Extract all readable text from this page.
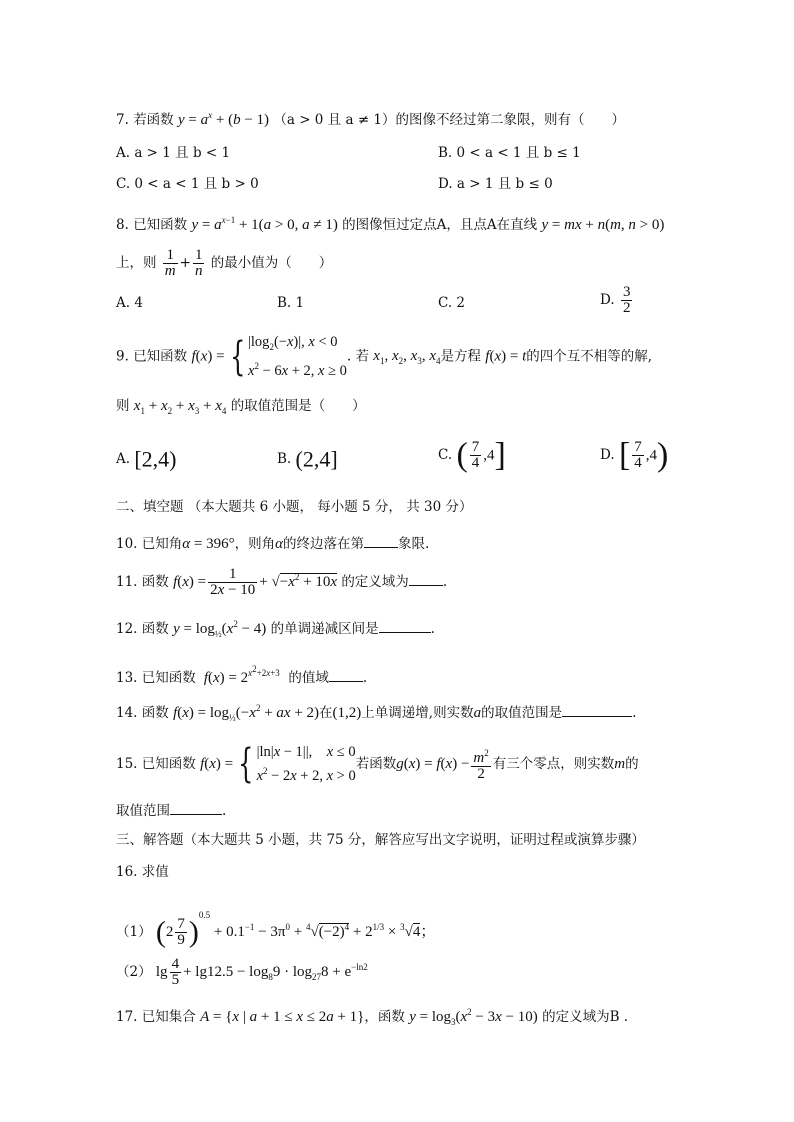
7. 若函数 $y = a^x + (b - 1) (a > 0$ 且 a ≠ 1）的图像不经过第二象限，则有（　　）
A. a > 1 且 b < 1	B. 0 < a < 1 且 b ≤ 1
C. 0 < a < 1 且 b > 0	D. a > 1 且 b ≤ 0
8. 已知函数 $y = a^{x-1} + 1(a > 0$, a ≠ 1) 的图像恒过定点A，且点A在直线 y = mx + n(m, n > 0)
上，则 $\frac{1}{m} + \frac{1}{n}$ 的最小值为（　　）
A. 4	B. 1	C. 2	D. $\frac{3}{2}$
9. 已知函数 f(x) = { $|\log_2(-x)|$, x < 0
$x^2 - 6x + 2$, x ≥ 0
. 若 $x_1$, $x_2$, $x_3$, $x_4$是方程 f(x) = t的四个互不相等的解,
则 $x_1 + x_2 + x_3 + x_4$ 的取值范围是（　　）
A. [2,4)	B. (2,4]	C. ( $\frac{7}{4} ,4$]	D. [ $\frac{7}{4} ,4$)
二、填空题 （本大题共 6 小题， 每小题 5 分， 共 30 分）
10. 已知角α = 396°，则角α的终边落在第	象限.
11. 函数 $f(x) = \frac{1}{2x - 10} + √-x^2 + 10x$ 的定义域为	.
12. 函数 $y = \log_{\frac{1}{2}}(x^2 - 4)$ 的单调递减区间是	.
13. 已知函数 $f(x) = 2^{x^2+2x+3}$ 的值域	.
14. 函数 $f(x) = \log_{\frac{1}{3}}(-x^2$ + ax + 2)在(1,2)上单调递增,则实数a的取值范围是	.
15. 已知函数 f(x) = { |ln|x − 1||,    x ≤ 0
$x^2 - 2x + 2$, x > 0
若函数$g(x) = f(x) - \frac{m^2}{2}$ 有三个零点，则实数m的
取值范围	.
三、解答题（本大题共 5 小题，共 75 分，解答应写出文字说明，证明过程或演算步骤）
16. 求值
（1） $(2 \frac{7}{9} )^{0.5} + 0.1^{-1} - 3\pi^0 + ^4√(-2)^4 + 2^{1/3} \times ^3√4$；
（2） $\lg \frac{4}{5} + \lg 12.5 - \log_89 \cdot \log_{27}8 + e^{-ln2}$
17. 已知集合 A = {x | a + 1 ≤ x ≤ 2a + 1}，函数 $y = \log_3(x^2 - 3x - 10)$ 的定义域为B .
